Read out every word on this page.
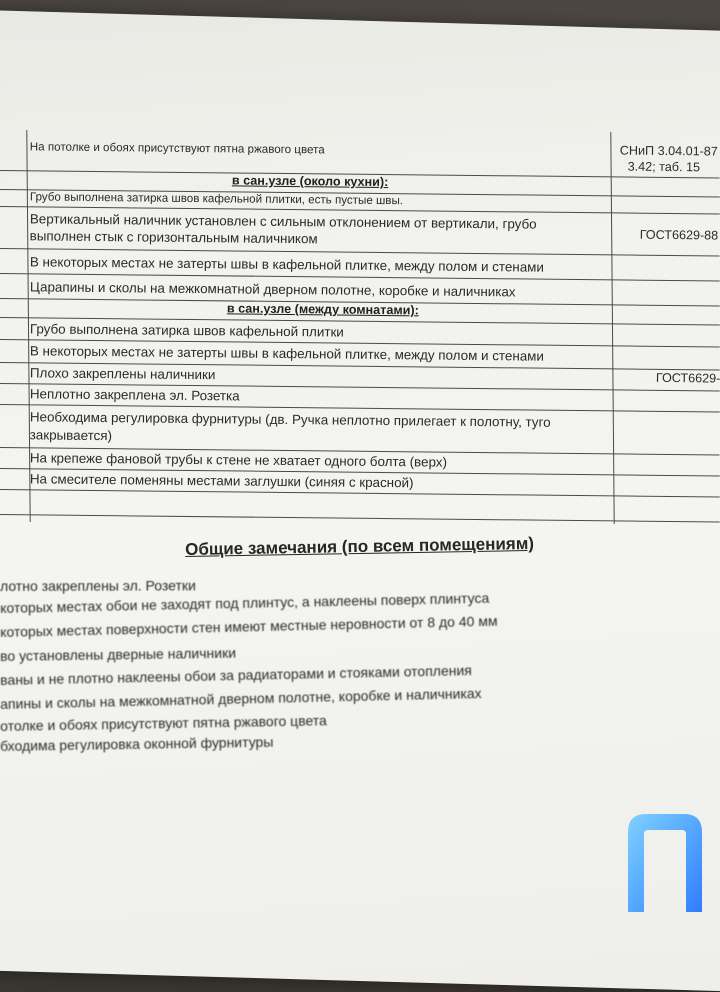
На потолке и обоях присутствуют пятна ржавого цвета	СНиП 3.04.01-87
3.42; таб. 15
в сан.узле (около кухни):
Грубо выполнена затирка швов кафельной плитки, есть пустые швы.
Вертикальный наличник установлен с сильным отклонением от вертикали, грубо
выполнен стык с горизонтальным наличником	ГОСТ6629-88
В некоторых местах не затерты швы в кафельной плитке, между полом и стенами
Царапины и сколы на межкомнатной дверном полотне, коробке и наличниках
в сан.узле (между комнатами):
Грубо выполнена затирка швов кафельной плитки
В некоторых местах не затерты швы в кафельной плитке, между полом и стенами
Плохо закреплены наличники	ГОСТ6629-
Неплотно закреплена эл. Розетка
Необходима регулировка фурнитуры (дв. Ручка неплотно прилегает к полотну, туго
закрывается)
На крепеже фановой трубы к стене не хватает одного болта (верх)
На смесителе поменяны местами заглушки (синяя с красной)
Общие замечания (по всем помещениям)
лотно закреплены эл. Розетки
которых местах обои не заходят под плинтус, а наклеены поверх плинтуса
которых местах поверхности стен имеют местные неровности от 8 до 40 мм
во установлены дверные наличники
ваны и не плотно наклеены обои за радиаторами и стояками отопления
апины и сколы на межкомнатной дверном полотне, коробке и наличниках
отолке и обоях присутствуют пятна ржавого цвета
бходима регулировка оконной фурнитуры
